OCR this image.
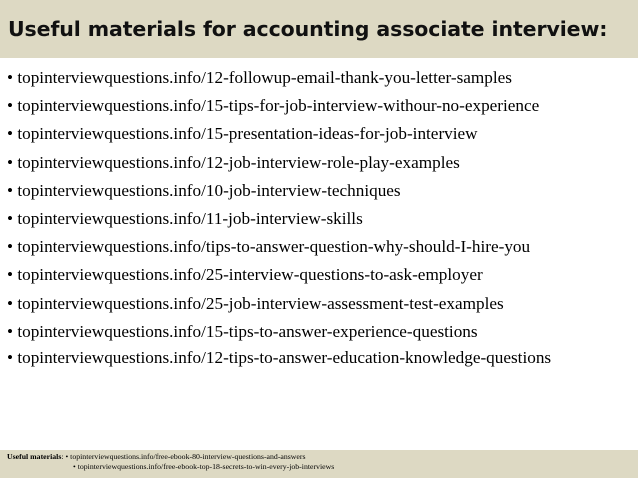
Useful materials for accounting associate interview:
• topinterviewquestions.info/12-followup-email-thank-you-letter-samples
• topinterviewquestions.info/15-tips-for-job-interview-withour-no-experience
• topinterviewquestions.info/15-presentation-ideas-for-job-interview
• topinterviewquestions.info/12-job-interview-role-play-examples
• topinterviewquestions.info/10-job-interview-techniques
• topinterviewquestions.info/11-job-interview-skills
• topinterviewquestions.info/tips-to-answer-question-why-should-I-hire-you
• topinterviewquestions.info/25-interview-questions-to-ask-employer
• topinterviewquestions.info/25-job-interview-assessment-test-examples
• topinterviewquestions.info/15-tips-to-answer-experience-questions
• topinterviewquestions.info/12-tips-to-answer-education-knowledge-questions
Useful materials: • topinterviewquestions.info/free-ebook-80-interview-questions-and-answers
• topinterviewquestions.info/free-ebook-top-18-secrets-to-win-every-job-interviews
